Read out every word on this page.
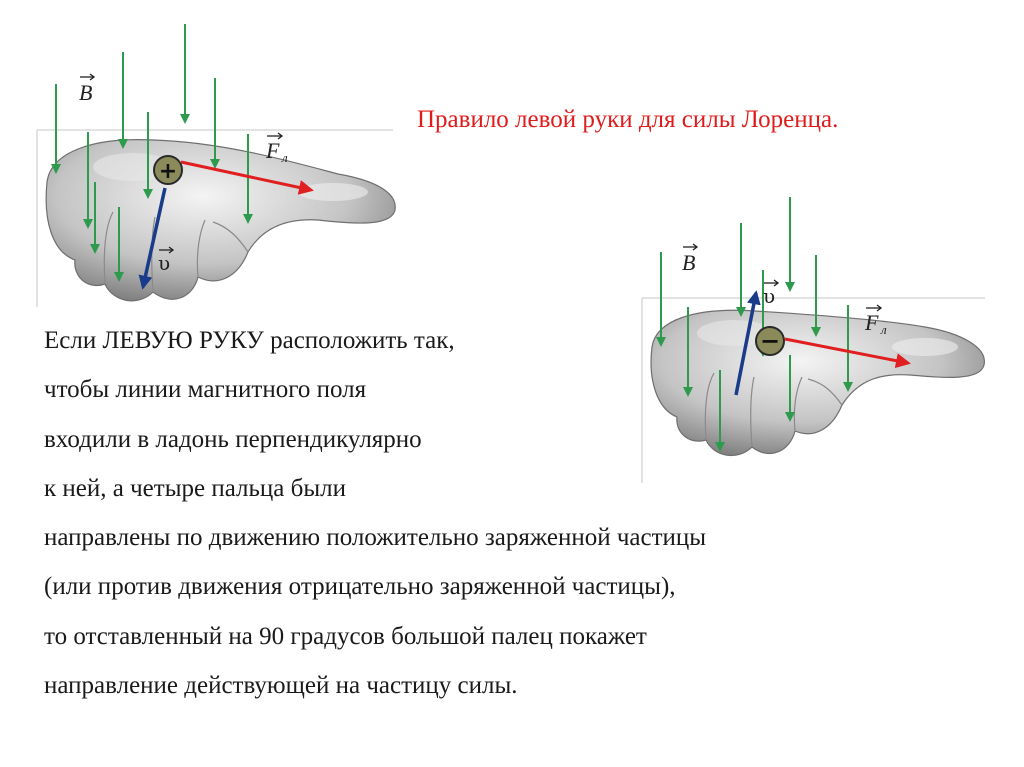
Правило левой руки для силы Лоренца.
+
B
F л
υ
−
B
F л
υ
Если ЛЕВУЮ РУКУ расположить так,
чтобы линии магнитного поля
входили в ладонь перпендикулярно
к ней, а четыре пальца были
направлены по движению положительно заряженной частицы
(или против движения отрицательно заряженной частицы),
то отставленный на 90 градусов большой палец покажет
направление действующей на частицу силы.
